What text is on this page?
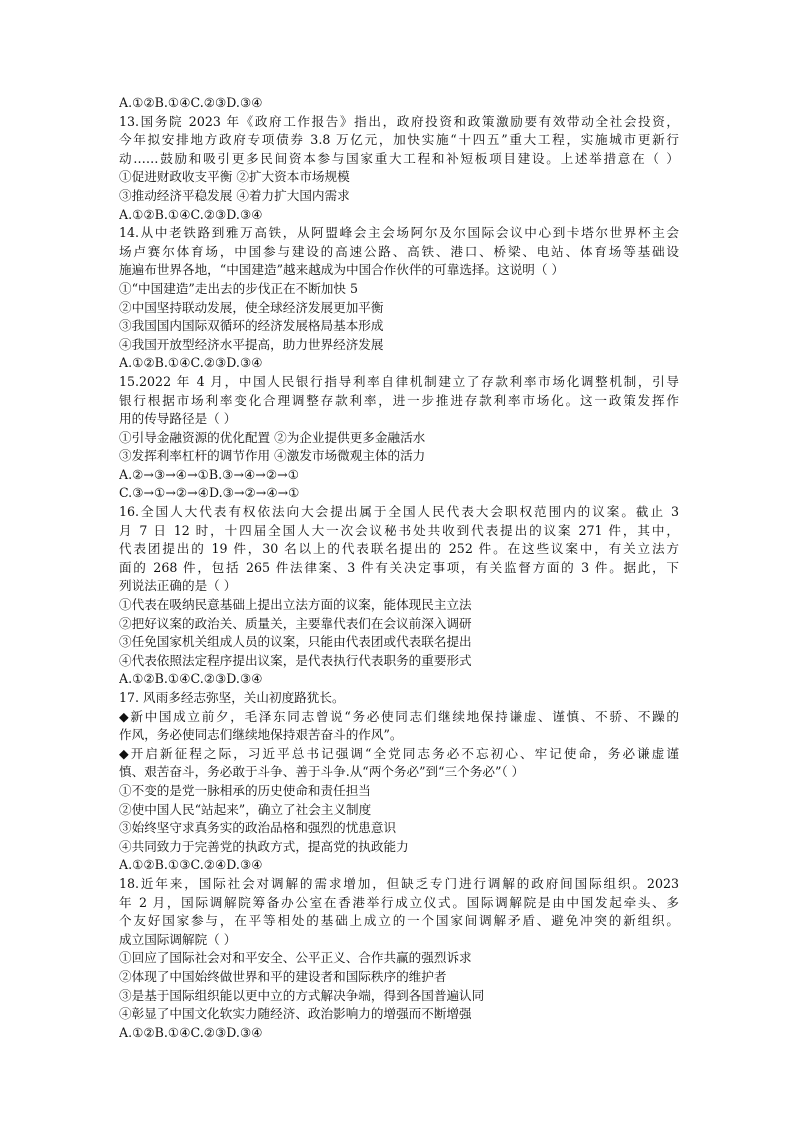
A.①②B.①④C.②③D.③④
13.国务院 2023 年《政府工作报告》指出，政府投资和政策激励要有效带动全社会投资，
今年拟安排地方政府专项债券 3.8 万亿元，加快实施“十四五”重大工程，实施城市更新行
动……鼓励和吸引更多民间资本参与国家重大工程和补短板项目建设。上述举措意在（ ）
①促进财政收支平衡 ②扩大资本市场规模
③推动经济平稳发展 ④着力扩大国内需求
A.①②B.①④C.②③D.③④
14.从中老铁路到雅万高铁，从阿盟峰会主会场阿尔及尔国际会议中心到卡塔尔世界杯主会
场卢赛尔体育场，中国参与建设的高速公路、高铁、港口、桥梁、电站、体育场等基础设
施遍布世界各地，“中国建造”越来越成为中国合作伙伴的可靠选择。这说明（ ）
①“中国建造”走出去的步伐正在不断加快 5
②中国坚持联动发展，使全球经济发展更加平衡
③我国国内国际双循环的经济发展格局基本形成
④我国开放型经济水平提高，助力世界经济发展
A.①②B.①④C.②③D.③④
15.2022 年 4 月，中国人民银行指导利率自律机制建立了存款利率市场化调整机制，引导
银行根据市场利率变化合理调整存款利率，进一步推进存款利率市场化。这一政策发挥作
用的传导路径是（ ）
①引导金融资源的优化配置 ②为企业提供更多金融活水
③发挥利率杠杆的调节作用 ④激发市场微观主体的活力
A.②→③→④→①B.③→④→②→①
C.③→①→②→④D.③→②→④→①
16.全国人大代表有权依法向大会提出属于全国人民代表大会职权范围内的议案。截止 3
月 7 日 12 时，十四届全国人大一次会议秘书处共收到代表提出的议案 271 件，其中，
代表团提出的 19 件，30 名以上的代表联名提出的 252 件。在这些议案中，有关立法方
面的 268 件，包括 265 件法律案、3 件有关决定事项，有关监督方面的 3 件。据此，下
列说法正确的是（ ）
①代表在吸纳民意基础上提出立法方面的议案，能体现民主立法
②把好议案的政治关、质量关，主要靠代表们在会议前深入调研
③任免国家机关组成人员的议案，只能由代表团或代表联名提出
④代表依照法定程序提出议案，是代表执行代表职务的重要形式
A.①②B.①④C.②③D.③④
17. 风雨多经志弥坚，关山初度路犹长。
◆新中国成立前夕，毛泽东同志曾说“务必使同志们继续地保持谦虚、谨慎、不骄、不躁的
作风，务必使同志们继续地保持艰苦奋斗的作风”。
◆开启新征程之际，习近平总书记强调“全党同志务必不忘初心、牢记使命，务必谦虚谨
慎、艰苦奋斗，务必敢于斗争、善于斗争.从“两个务必”到“三个务必”（ ）
①不变的是党一脉相承的历史使命和责任担当
②使中国人民“站起来”，确立了社会主义制度
③始终坚守求真务实的政治品格和强烈的忧患意识
④共同致力于完善党的执政方式，提高党的执政能力
A.①②B.①③C.②④D.③④
18.近年来，国际社会对调解的需求增加，但缺乏专门进行调解的政府间国际组织。2023
年 2 月，国际调解院筹备办公室在香港举行成立仪式。国际调解院是由中国发起牵头、多
个友好国家参与，在平等相处的基础上成立的一个国家间调解矛盾、避免冲突的新组织。
成立国际调解院（ ）
①回应了国际社会对和平安全、公平正义、合作共赢的强烈诉求
②体现了中国始终做世界和平的建设者和国际秩序的维护者
③是基于国际组织能以更中立的方式解决争端，得到各国普遍认同
④彰显了中国文化软实力随经济、政治影响力的增强而不断增强
A.①②B.①④C.②③D.③④
